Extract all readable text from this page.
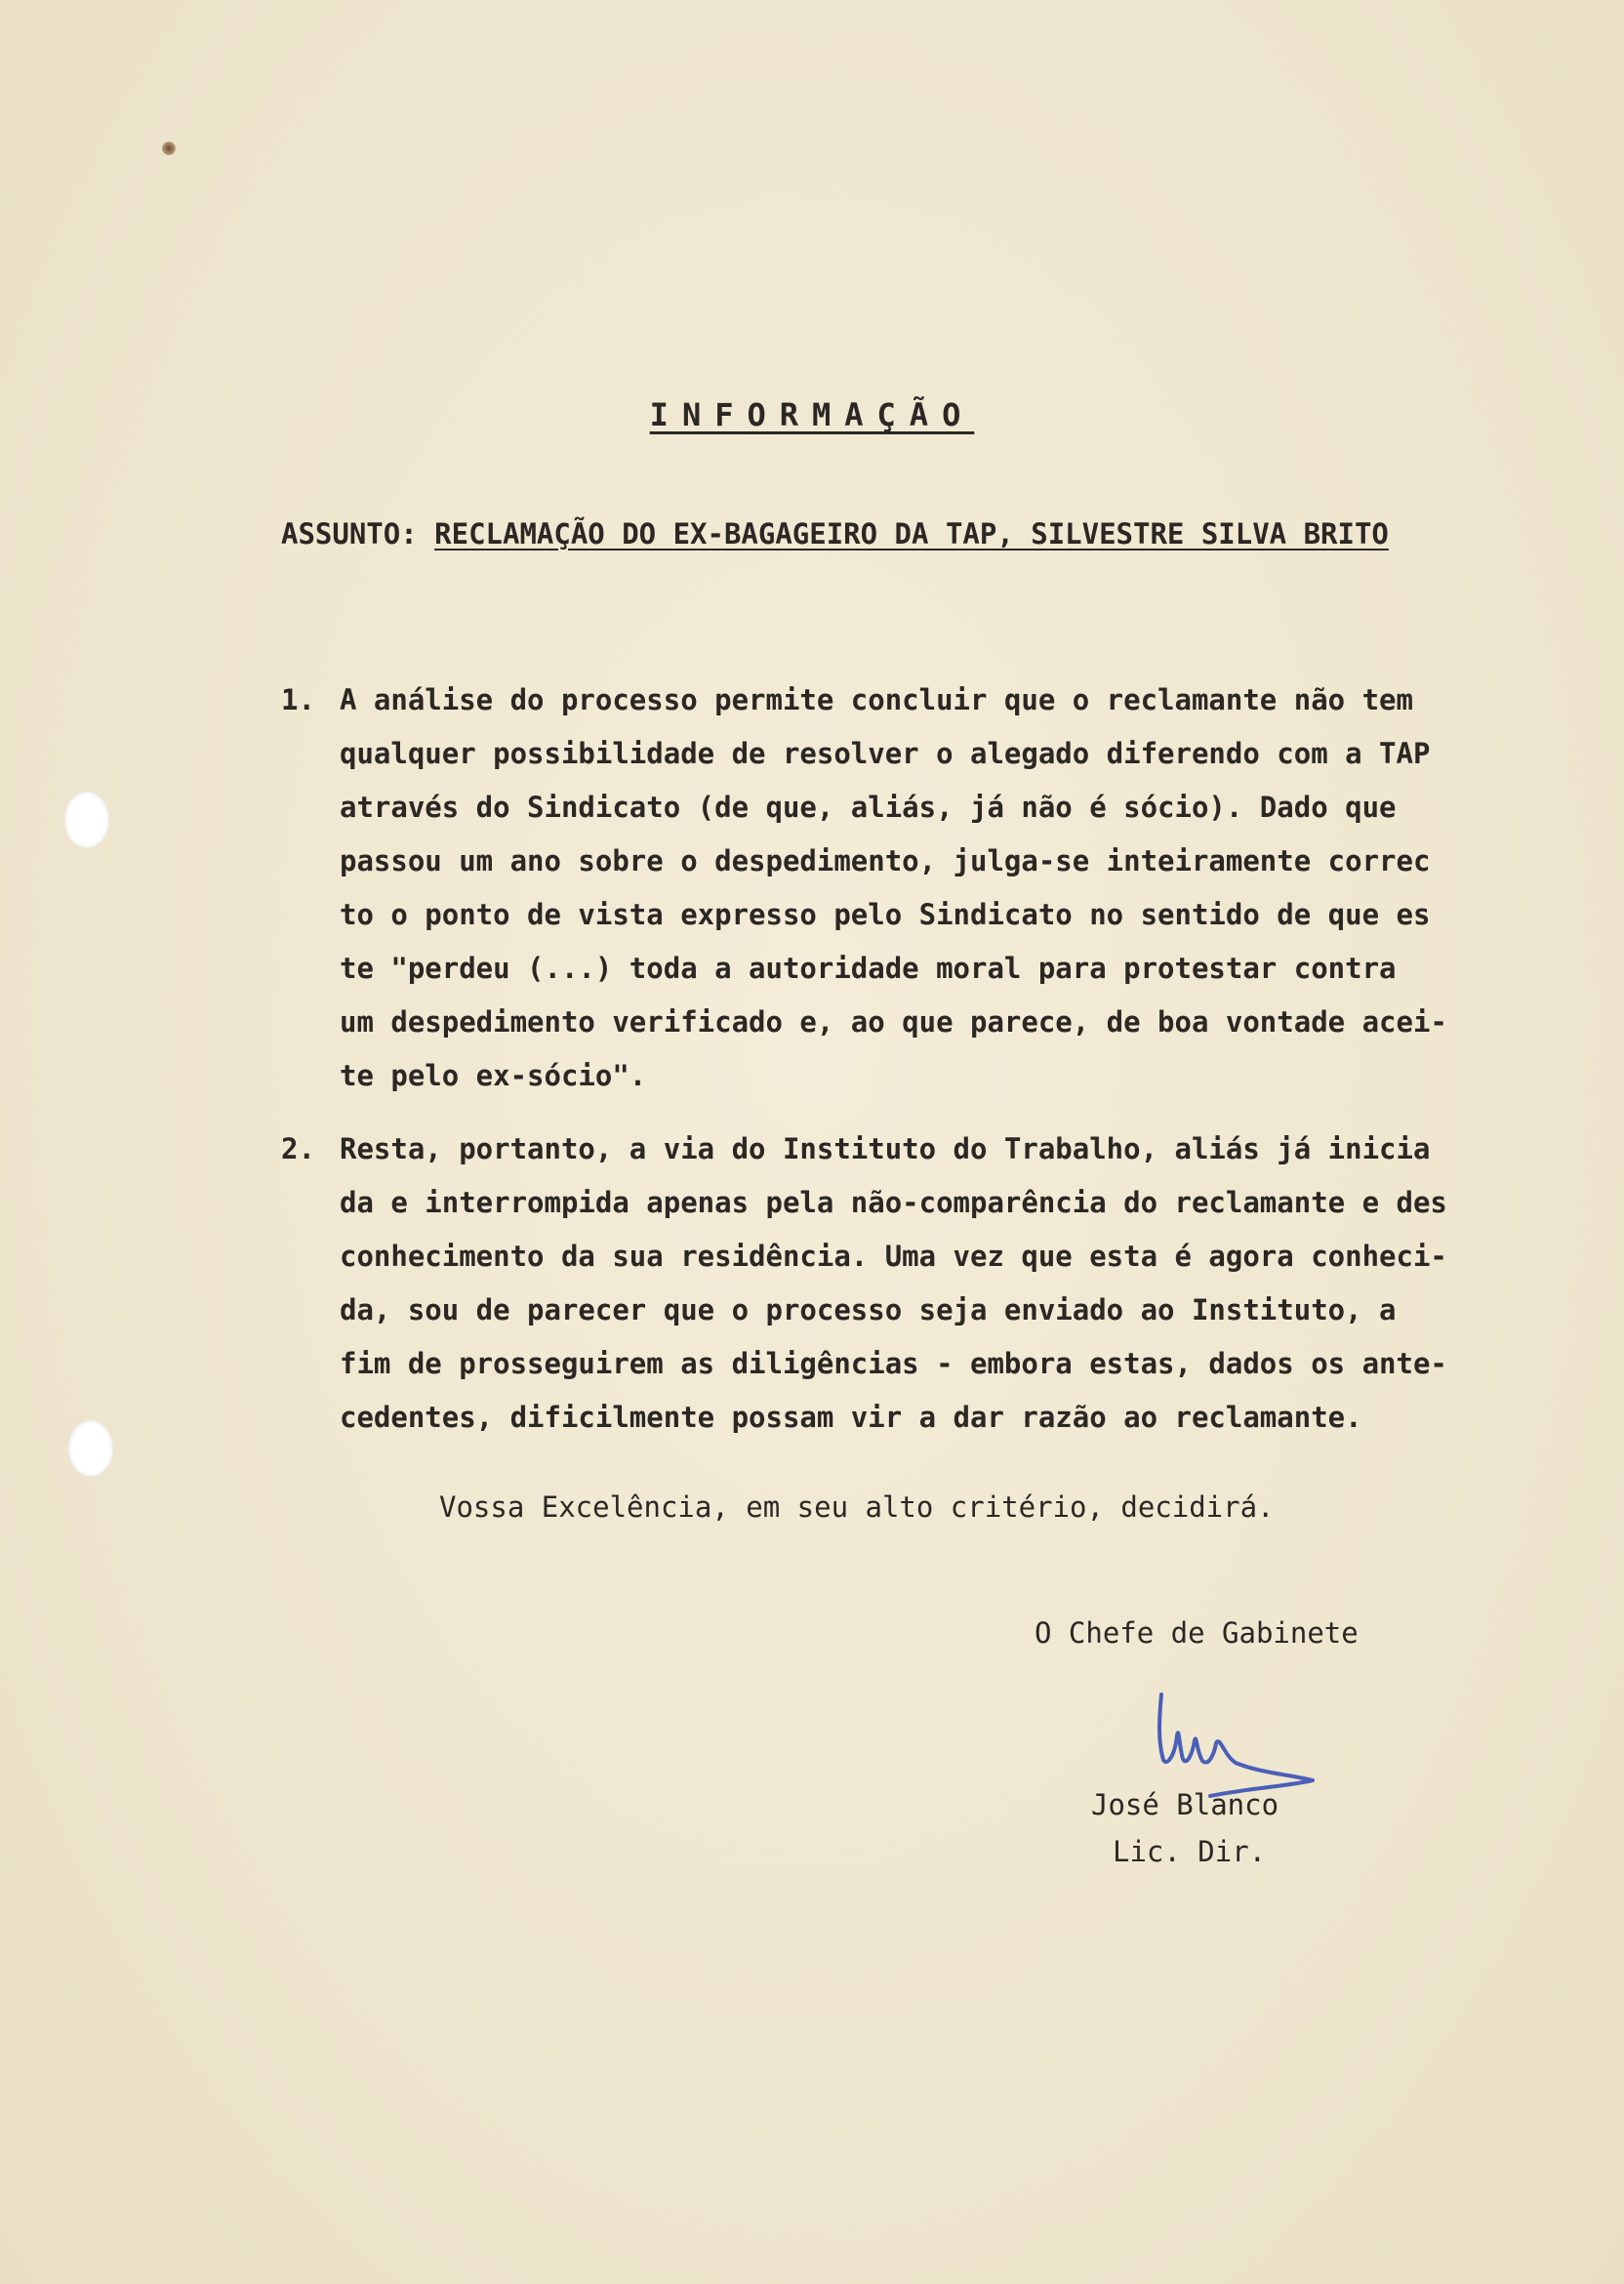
INFORMAÇÃO
ASSUNTO: RECLAMAÇÃO DO EX-BAGAGEIRO DA TAP, SILVESTRE SILVA BRITO
1. A análise do processo permite concluir que o reclamante não tem
qualquer possibilidade de resolver o alegado diferendo com a TAP
através do Sindicato (de que, aliás, já não é sócio). Dado que
passou um ano sobre o despedimento, julga-se inteiramente correc
to o ponto de vista expresso pelo Sindicato no sentido de que es
te "perdeu (...) toda a autoridade moral para protestar contra
um despedimento verificado e, ao que parece, de boa vontade acei-
te pelo ex-sócio".
2. Resta, portanto, a via do Instituto do Trabalho, aliás já inicia
da e interrompida apenas pela não-comparência do reclamante e des
conhecimento da sua residência. Uma vez que esta é agora conheci-
da, sou de parecer que o processo seja enviado ao Instituto, a
fim de prosseguirem as diligências - embora estas, dados os ante-
cedentes, dificilmente possam vir a dar razão ao reclamante.
Vossa Excelência, em seu alto critério, decidirá.
O Chefe de Gabinete
José Blanco
Lic. Dir.
